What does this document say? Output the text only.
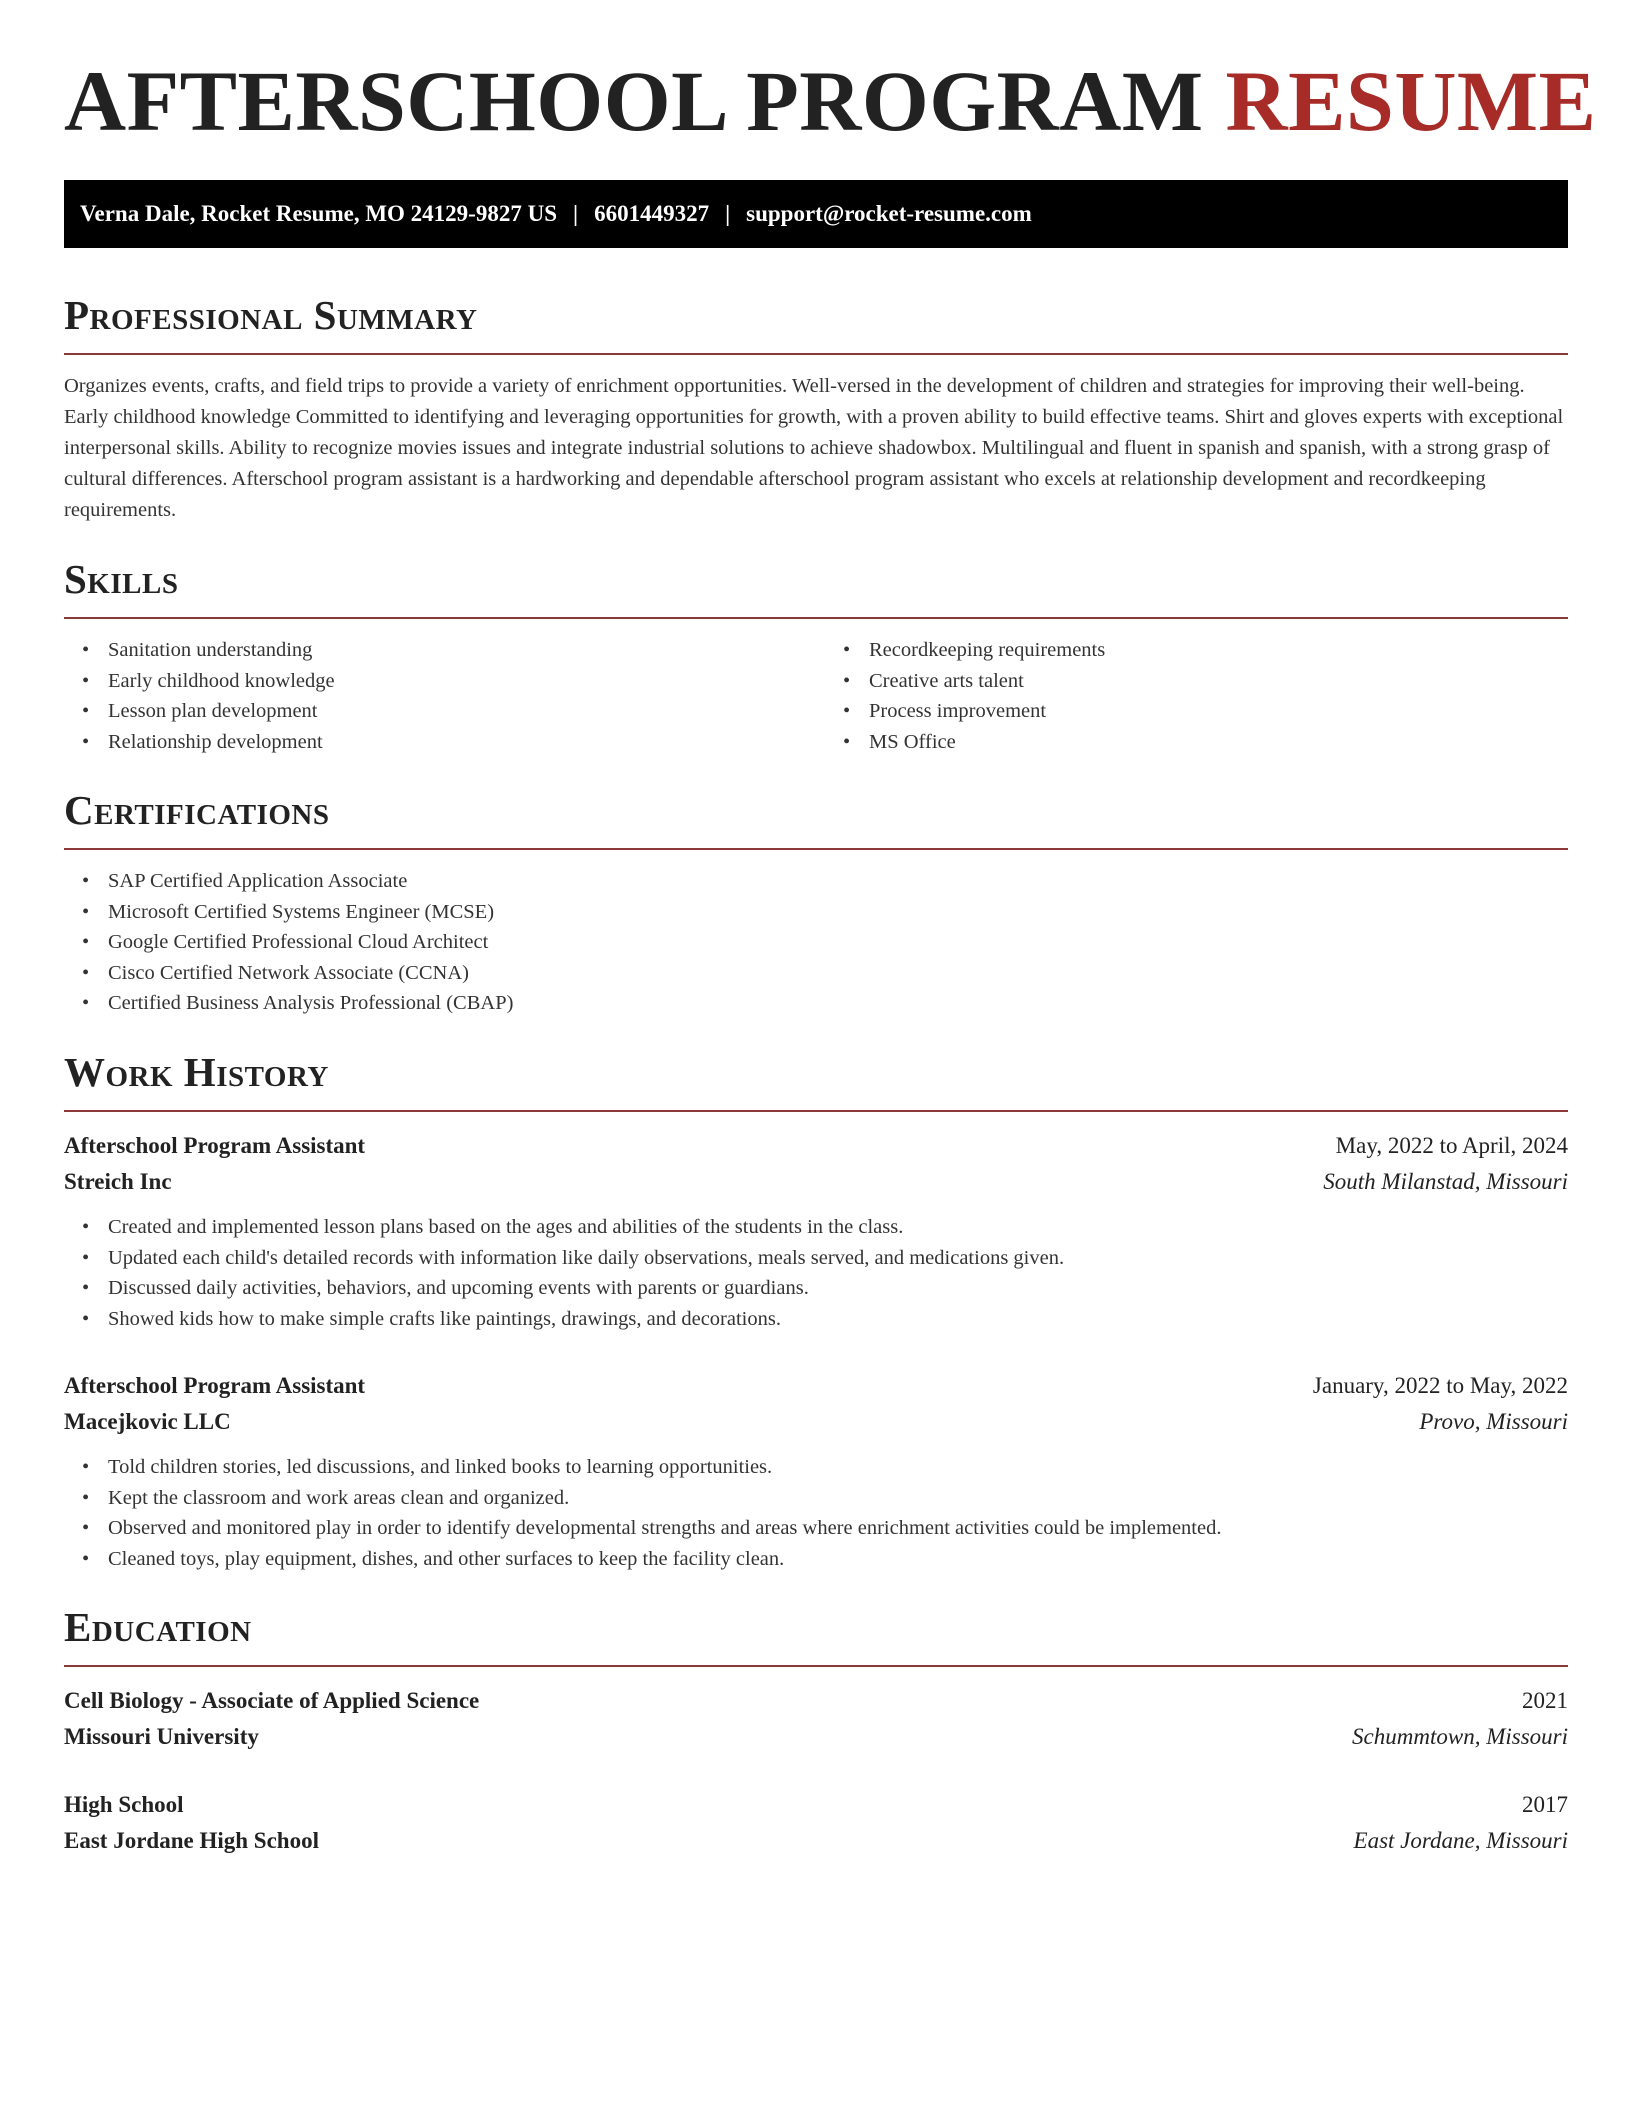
AFTERSCHOOL PROGRAM RESUME
Verna Dale, Rocket Resume, MO 24129-9827 US | 6601449327 | support@rocket-resume.com
Professional Summary

Organizes events, crafts, and field trips to provide a variety of enrichment opportunities. Well-versed in the development of children and strategies for improving their well-being. Early childhood knowledge Committed to identifying and leveraging opportunities for growth, with a proven ability to build effective teams. Shirt and gloves experts with exceptional interpersonal skills. Ability to recognize movies issues and integrate industrial solutions to achieve shadowbox. Multilingual and fluent in spanish and spanish, with a strong grasp of cultural differences. Afterschool program assistant is a hardworking and dependable afterschool program assistant who excels at relationship development and recordkeeping requirements.

Skills
• Sanitation understanding
• Early childhood knowledge
• Lesson plan development
• Relationship development
• Recordkeeping requirements
• Creative arts talent
• Process improvement
• MS Office
Certifications
• SAP Certified Application Associate
• Microsoft Certified Systems Engineer (MCSE)
• Google Certified Professional Cloud Architect
• Cisco Certified Network Associate (CCNA)
• Certified Business Analysis Professional (CBAP)
Work History
Afterschool Program Assistant	May, 2022 to April, 2024
Streich Inc	South Milanstad, Missouri
• Created and implemented lesson plans based on the ages and abilities of the students in the class.
• Updated each child's detailed records with information like daily observations, meals served, and medications given.
• Discussed daily activities, behaviors, and upcoming events with parents or guardians.
• Showed kids how to make simple crafts like paintings, drawings, and decorations.
Afterschool Program Assistant	January, 2022 to May, 2022
Macejkovic LLC	Provo, Missouri
• Told children stories, led discussions, and linked books to learning opportunities.
• Kept the classroom and work areas clean and organized.
• Observed and monitored play in order to identify developmental strengths and areas where enrichment activities could be implemented.
• Cleaned toys, play equipment, dishes, and other surfaces to keep the facility clean.
Education
Cell Biology - Associate of Applied Science	2021
Missouri University	Schummtown, Missouri
High School	2017
East Jordane High School	East Jordane, Missouri
